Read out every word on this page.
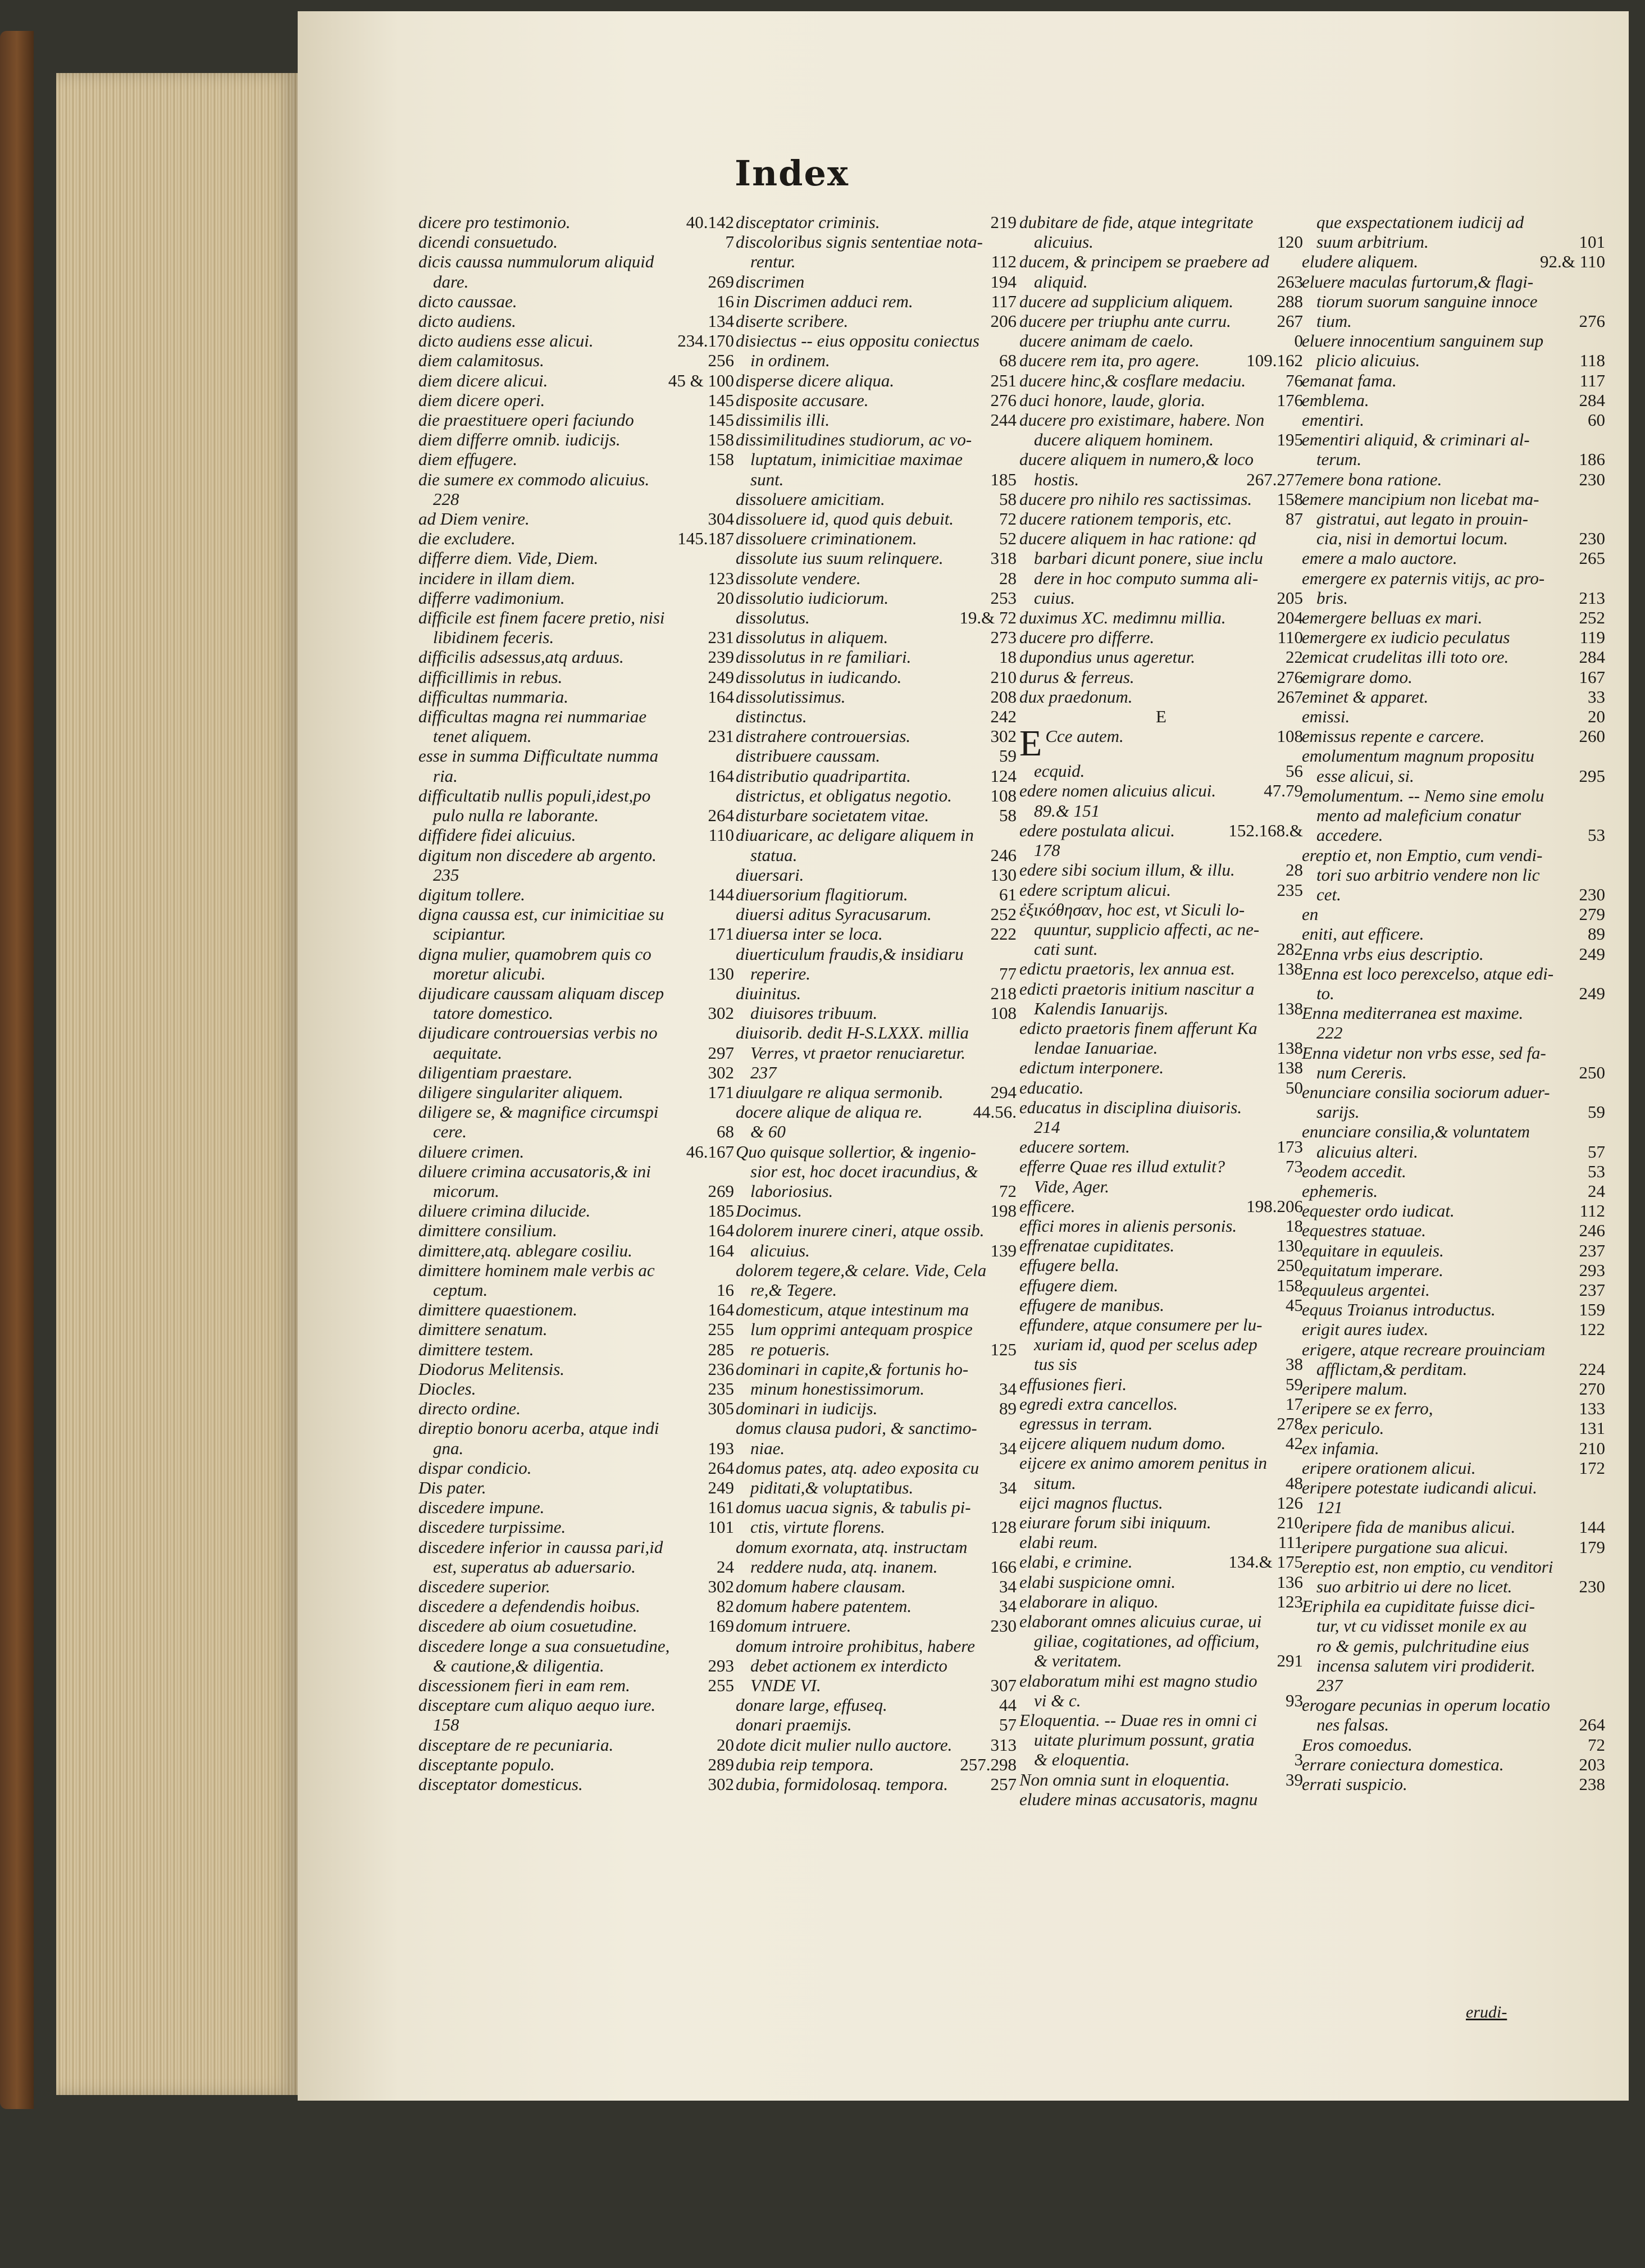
Index
dicere pro testimonio.	40.142
dicendi consuetudo.	7
dicis caussa nummulorum aliquid
dare.	269
dicto caussae.	16
dicto audiens.	134
dicto audiens esse alicui.	234.170
diem calamitosus.	256
diem dicere alicui.	45 & 100
diem dicere operi.	145
die praestituere operi faciundo	145
diem differre omnib. iudicijs.	158
diem effugere.	158
die sumere ex commodo alicuius.
228
ad Diem venire.	304
die excludere.	145.187
differre diem. Vide, Diem.
incidere in illam diem.	123
differre vadimonium.	20
difficile est finem facere pretio, nisi
libidinem feceris.	231
difficilis adsessus,atq arduus.	239
difficillimis in rebus.	249
difficultas nummaria.	164
difficultas magna rei nummariae
tenet aliquem.	231
esse in summa Difficultate numma
ria.	164
difficultatib nullis populi,idest,po
pulo nulla re laborante.	264
diffidere fidei alicuius.	110
digitum non discedere ab argento.
235
digitum tollere.	144
digna caussa est, cur inimicitiae su
scipiantur.	171
digna mulier, quamobrem quis co
moretur alicubi.	130
dijudicare caussam aliquam discep
tatore domestico.	302
dijudicare controuersias verbis no
aequitate.	297
diligentiam praestare.	302
diligere singulariter aliquem.	171
diligere se, & magnifice circumspi
cere.	68
diluere crimen.	46.167
diluere crimina accusatoris,& ini
micorum.	269
diluere crimina dilucide.	185
dimittere consilium.	164
dimittere,atq. ablegare cosiliu.	164
dimittere hominem male verbis ac
ceptum.	16
dimittere quaestionem.	164
dimittere senatum.	255
dimittere testem.	285
Diodorus Melitensis.	236
Diocles.	235
directo ordine.	305
direptio bonoru acerba, atque indi
gna.	193
dispar condicio.	264
Dis pater.	249
discedere impune.	161
discedere turpissime.	101
discedere inferior in caussa pari,id
est, superatus ab aduersario.	24
discedere superior.	302
discedere a defendendis hoibus.	82
discedere ab oium cosuetudine.	169
discedere longe a sua consuetudine,
& cautione,& diligentia.	293
discessionem fieri in eam rem.	255
disceptare cum aliquo aequo iure.
158
disceptare de re pecuniaria.	20
disceptante populo.	289
disceptator domesticus.	302
disceptator criminis.	219
discoloribus signis sententiae nota-
rentur.	112
discrimen	194
in Discrimen adduci rem.	117
diserte scribere.	206
disiectus -- eius oppositu coniectus
in ordinem.	68
disperse dicere aliqua.	251
disposite accusare.	276
dissimilis illi.	244
dissimilitudines studiorum, ac vo-
luptatum, inimicitiae maximae
sunt.	185
dissoluere amicitiam.	58
dissoluere id, quod quis debuit.	72
dissoluere criminationem.	52
dissolute ius suum relinquere.	318
dissolute vendere.	28
dissolutio iudiciorum.	253
dissolutus.	19.& 72
dissolutus in aliquem.	273
dissolutus in re familiari.	18
dissolutus in iudicando.	210
dissolutissimus.	208
distinctus.	242
distrahere controuersias.	302
distribuere caussam.	59
distributio quadripartita.	124
districtus, et obligatus negotio. 108
disturbare societatem vitae.	58
diuaricare, ac deligare aliquem in
statua.	246
diuersari.	130
diuersorium flagitiorum.	61
diuersi aditus Syracusarum.	252
diuersa inter se loca.	222
diuerticulum fraudis,& insidiaru
reperire.	77
diuinitus.	218
diuisores tribuum.	108
diuisorib. dedit H-S.LXXX. millia
Verres, vt praetor renuciaretur.
237
diuulgare re aliqua sermonib.	294
docere alique de aliqua re.	44.56.
& 60
Quo quisque sollertior, & ingenio-
sior est, hoc docet iracundius, &
laboriosius.	72
Docimus.	198
dolorem inurere cineri, atque ossib.
alicuius.	139
dolorem tegere,& celare. Vide, Cela
re,& Tegere.
domesticum, atque intestinum ma
lum opprimi antequam prospice
re potueris.	125
dominari in capite,& fortunis ho-
minum honestissimorum.	34
dominari in iudicijs.	89
domus clausa pudori, & sanctimo-
niae.	34
domus pates, atq. adeo exposita cu
piditati,& voluptatibus.	34
domus uacua signis, & tabulis pi-
ctis, virtute florens.	128
domum exornata, atq. instructam
reddere nuda, atq. inanem.	166
domum habere clausam.	34
domum habere patentem.	34
domum intruere.	230
domum introire prohibitus, habere
debet actionem ex interdicto
VNDE VI.	307
donare large, effuseq.	44
donari praemijs.	57
dote dicit mulier nullo auctore. 313
dubia reip tempora.	257.298
dubia, formidolosaq. tempora. 257
dubitare de fide, atque integritate
alicuius.	120
ducem, & principem se praebere ad
aliquid.	263
ducere ad supplicium aliquem. 288
ducere per triuphu ante curru.	267
ducere animam de caelo.	0
ducere rem ita, pro agere.	109.162
ducere hinc,& cosflare medaciu. 76
duci honore, laude, gloria.	176
ducere pro existimare, habere. Non
ducere aliquem hominem.	195
ducere aliquem in numero,& loco
hostis.	267.277
ducere pro nihilo res sactissimas. 158
ducere rationem temporis, etc.	87
ducere aliquem in hac ratione: qd
barbari dicunt ponere, siue inclu
dere in hoc computo summa ali-
cuius.	205
duximus XC. medimnu millia.	204
ducere pro differre.	110
dupondius unus ageretur.	22
durus & ferreus.	276
dux praedonum.	267
E
E Cce autem.	108
ecquid.	56
edere nomen alicuius alicui.	47.79
89.& 151
edere postulata alicui.	152.168.&
178
edere sibi socium illum, & illu.	28
edere scriptum alicui.	235
ἐξικόθησαν, hoc est, vt Siculi lo-
quuntur, supplicio affecti, ac ne-
cati sunt.	282
edictu praetoris, lex annua est. 138
edicti praetoris initium nascitur a
Kalendis Ianuarijs.	138
edicto praetoris finem afferunt Ka
lendae Ianuariae.	138
edictum interponere.	138
educatio.	50
educatus in disciplina diuisoris.
214
educere sortem.	173
efferre Quae res illud extulit?	73
Vide, Ager.
efficere.	198.206
effici mores in alienis personis.	18
effrenatae cupiditates.	130
effugere bella.	250
effugere diem.	158
effugere de manibus.	45
effundere, atque consumere per lu-
xuriam id, quod per scelus adep
tus sis	38
effusiones fieri.	59
egredi extra cancellos.	17
egressus in terram.	278
eijcere aliquem nudum domo.	42
eijcere ex animo amorem penitus in
situm.	48
eijci magnos fluctus.	126
eiurare forum sibi iniquum.	210
elabi reum.	111
elabi, e crimine.	134.& 175
elabi suspicione omni.	136
elaborare in aliquo.	123
elaborant omnes alicuius curae, ui
giliae, cogitationes, ad officium,
& veritatem.	291
elaboratum mihi est magno studio
vi & c.	93
Eloquentia. -- Duae res in omni ci
uitate plurimum possunt, gratia
& eloquentia.	3
Non omnia sunt in eloquentia.	39
eludere minas accusatoris, magnu
que exspectationem iudicij ad
suum arbitrium.	101
eludere aliquem.	92.& 110
eluere maculas furtorum,& flagi-
tiorum suorum sanguine innoce
tium.	276
eluere innocentium sanguinem sup
plicio alicuius.	118
emanat fama.	117
emblema.	284
ementiri.	60
ementiri aliquid, & criminari al-
terum.	186
emere bona ratione.	230
emere mancipium non licebat ma-
gistratui, aut legato in prouin-
cia, nisi in demortui locum.	230
emere a malo auctore.	265
emergere ex paternis vitijs, ac pro-
bris.	213
emergere belluas ex mari.	252
emergere ex iudicio peculatus	119
emicat crudelitas illi toto ore.	284
emigrare domo.	167
eminet & apparet.	33
emissi.	20
emissus repente e carcere.	260
emolumentum magnum propositu
esse alicui, si.	295
emolumentum. -- Nemo sine emolu
mento ad maleficium conatur
accedere.	53
ereptio et, non Emptio, cum vendi-
tori suo arbitrio vendere non lic
cet.	230
en	279
eniti, aut efficere.	89
Enna vrbs eius descriptio.	249
Enna est loco perexcelso, atque edi-
to.	249
Enna mediterranea est maxime.
222
Enna videtur non vrbs esse, sed fa-
num Cereris.	250
enunciare consilia sociorum aduer-
sarijs.	59
enunciare consilia,& voluntatem
alicuius alteri.	57
eodem accedit.	53
ephemeris.	24
equester ordo iudicat.	112
equestres statuae.	246
equitare in equuleis.	237
equitatum imperare.	293
equuleus argentei.	237
equus Troianus introductus.	159
erigit aures iudex.	122
erigere, atque recreare prouinciam
afflictam,& perditam.	224
eripere malum.	270
eripere se ex ferro,	133
ex periculo.	131
ex infamia.	210
eripere orationem alicui.	172
eripere potestate iudicandi alicui.
121
eripere fida de manibus alicui.	144
eripere purgatione sua alicui.	179
ereptio est, non emptio, cu venditori
suo arbitrio ui dere no licet.	230
Eriphila ea cupiditate fuisse dici-
tur, vt cu vidisset monile ex au
ro & gemis, pulchritudine eius
incensa salutem viri prodiderit.
237
erogare pecunias in operum locatio
nes falsas.	264
Eros comoedus.	72
errare coniectura domestica.	203
errati suspicio.	238
erudi-
